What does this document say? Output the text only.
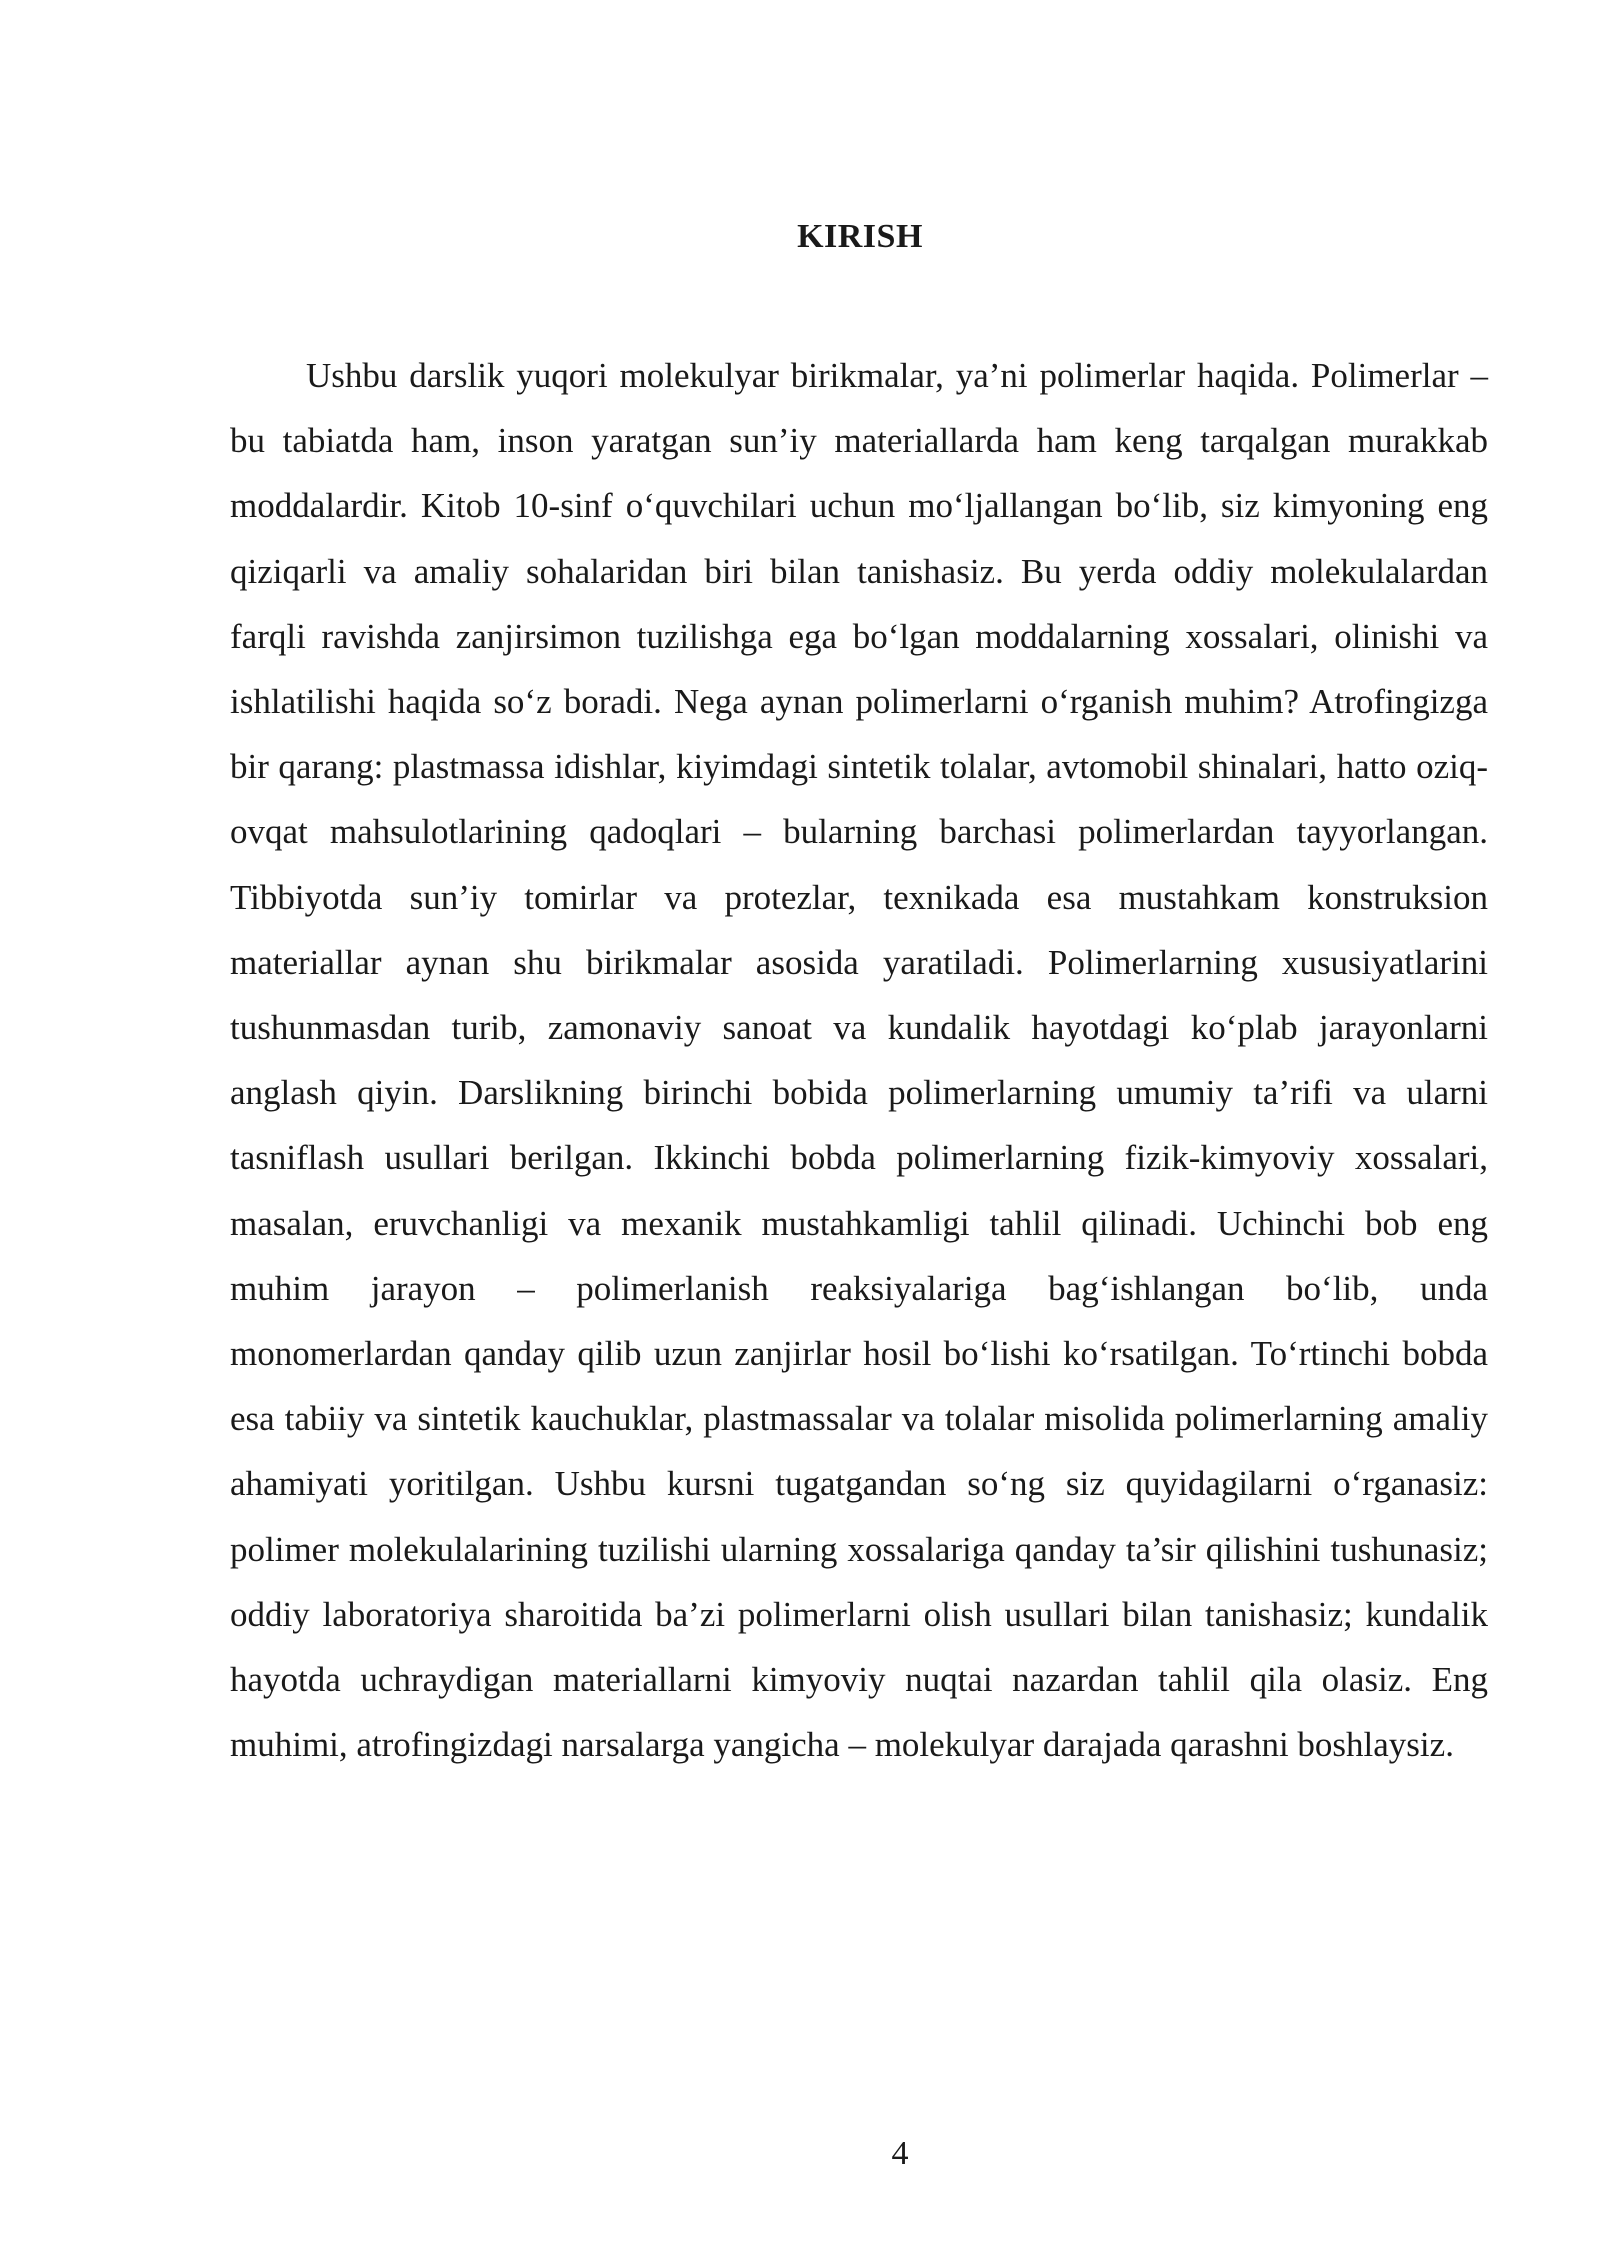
KIRISH

Ushbu darslik yuqori molekulyar birikmalar, ya’ni polimerlar haqida. Polimerlar – bu tabiatda ham, inson yaratgan sun’iy materiallarda ham keng tarqalgan murakkab moddalardir. Kitob 10-sinf o‘quvchilari uchun mo‘ljallangan bo‘lib, siz kimyoning eng qiziqarli va amaliy sohalaridan biri bilan tanishasiz. Bu yerda oddiy molekulalardan farqli ravishda zanjirsimon tuzilishga ega bo‘lgan moddalarning xossalari, olinishi va ishlatilishi haqida so‘z boradi. Nega aynan polimerlarni o‘rganish muhim? Atrofingizga bir qarang: plastmassa idishlar, kiyimdagi sintetik tolalar, avtomobil shinalari, hatto oziq-ovqat mahsulotlarining qadoqlari – bularning barchasi polimerlardan tayyorlangan. Tibbiyotda sun’iy tomirlar va protezlar, texnikada esa mustahkam konstruksion materiallar aynan shu birikmalar asosida yaratiladi. Polimerlarning xususiyatlarini tushunmasdan turib, zamonaviy sanoat va kundalik hayotdagi ko‘plab jarayonlarni anglash qiyin. Darslikning birinchi bobida polimerlarning umumiy ta’rifi va ularni tasniflash usullari berilgan. Ikkinchi bobda polimerlarning fizik-kimyoviy xossalari, masalan, eruvchanligi va mexanik mustahkamligi tahlil qilinadi. Uchinchi bob eng muhim jarayon – polimerlanish reaksiyalariga bag‘ishlangan bo‘lib, unda monomerlardan qanday qilib uzun zanjirlar hosil bo‘lishi ko‘rsatilgan. To‘rtinchi bobda esa tabiiy va sintetik kauchuklar, plastmassalar va tolalar misolida polimerlarning amaliy ahamiyati yoritilgan. Ushbu kursni tugatgandan so‘ng siz quyidagilarni o‘rganasiz: polimer molekulalarining tuzilishi ularning xossalariga qanday ta’sir qilishini tushunasiz; oddiy laboratoriya sharoitida ba’zi polimerlarni olish usullari bilan tanishasiz; kundalik hayotda uchraydigan materiallarni kimyoviy nuqtai nazardan tahlil qila olasiz. Eng muhimi, atrofingizdagi narsalarga yangicha – molekulyar darajada qarashni boshlaysiz.

4
